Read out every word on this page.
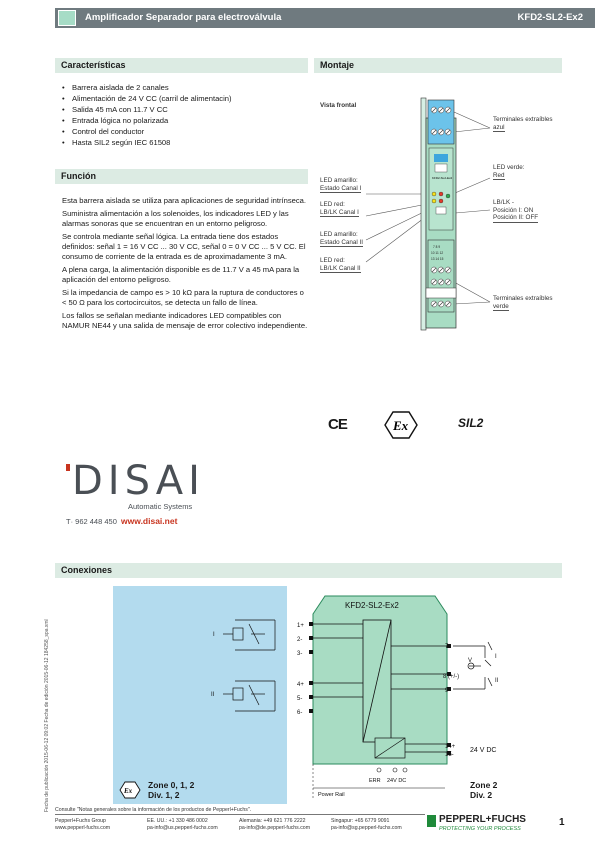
Amplificador Separador para electroválvula	KFD2-SL2-Ex2
Características
• Barrera aislada de 2 canales
• Alimentación de 24 V CC (carril de alimentacin)
• Salida 45 mA con 11.7 V CC
• Entrada lógica no polarizada
• Control del conductor
• Hasta SIL2 según IEC 61508
Función

Esta barrera aislada se utiliza para aplicaciones de seguridad intrínseca.

Suministra alimentación a los solenoides, los indicadores LED y las alarmas sonoras que se encuentran en un entorno peligroso.

Se controla mediante señal lógica. La entrada tiene dos estados definidos: señal 1 = 16 V CC ... 30 V CC, señal 0 = 0 V CC ... 5 V CC. El consumo de corriente de la entrada es de aproximadamente 3 mA.

A plena carga, la alimentación disponible es de 11.7 V a 45 mA para la aplicación del entorno peligroso.

Si la impedancia de campo es > 10 kΩ para la ruptura de conductores o < 50 Ω para los cortocircuitos, se detecta un fallo de línea.

Los fallos se señalan mediante indicadores LED compatibles con NAMUR NE44 y una salida de mensaje de error colectivo independiente.

Montaje
Vista frontal
KFD2-SL2-Ex2
7 8 9
10 11 12
13 14 15
Terminales extraíbles
azul
LED verde:
Red
LED amarillo:
Estado Canal I
LED red:
LB/LK Canal I
LB/LK -
Posición I: ON
Posición II: OFF
LED amarillo:
Estado Canal II
LED red:
LB/LK Canal II
Terminales extraíbles
verde
CE	Ex	SIL2
DISAI
Automatic Systems
T· 962 448 450 www.disai.net
Conexiones
KFD2-SL2-Ex2
1+
2-
3-
4+
5-
6-
7
8 (+/-)
9
14+
15-
24 V DC
V
I
II
ERR 24V DC
Power Rail
I
II
Ex
Zone 0, 1, 2
Div. 1, 2
Zone 2
Div. 2
Fecha de publicación 2015-06-12 09:02 Fecha de edición 2015-06-12 184258_spa.xml Consulte "Notas generales sobre la información de los productos de Pepperl+Fuchs".
Pepperl+Fuchs Group
www.pepperl-fuchs.com
EE. UU.: +1 330 486 0002
pa-info@us.pepperl-fuchs.com
Alemania: +49 621 776 2222
pa-info@de.pepperl-fuchs.com
Singapur: +65 6779 9091
pa-info@sg.pepperl-fuchs.com
PEPPERL+FUCHS
PROTECTING YOUR PROCESS
1
